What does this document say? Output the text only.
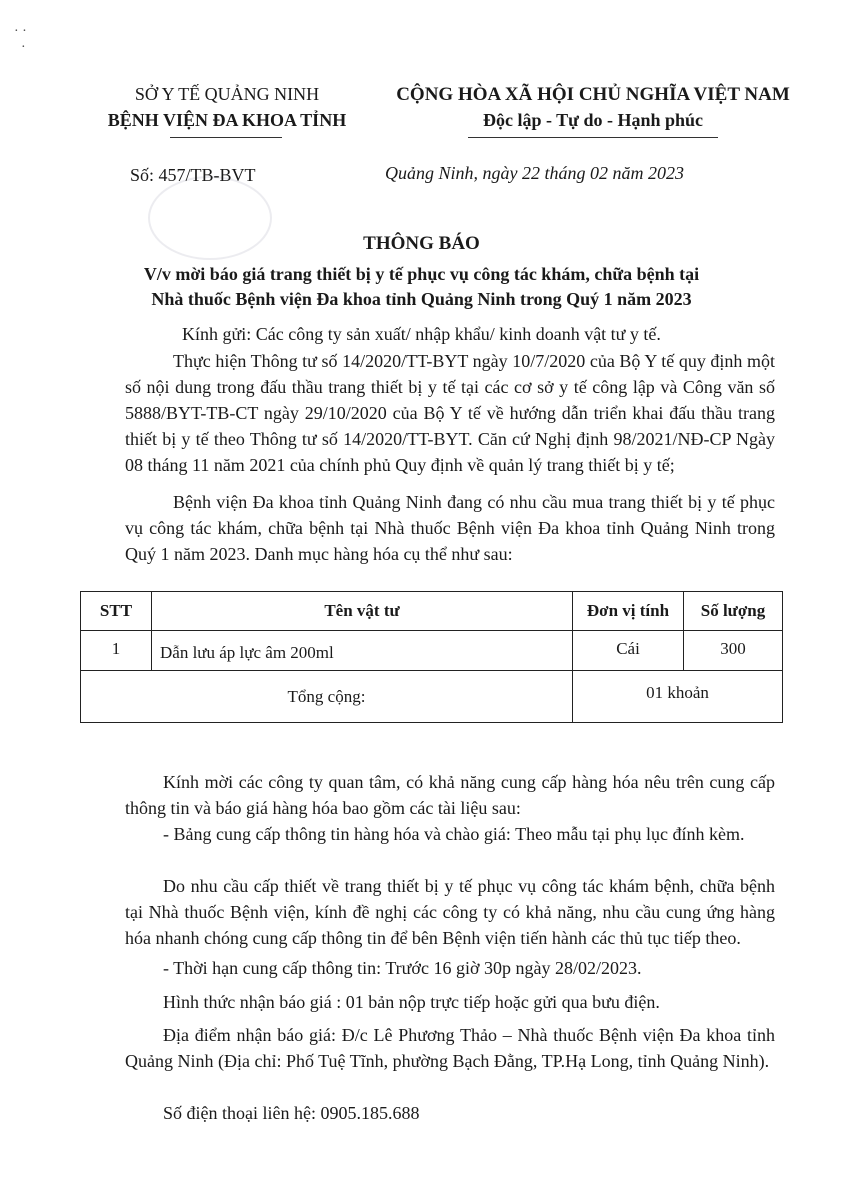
· ·
·
SỞ Y TẾ QUẢNG NINH
BỆNH VIỆN ĐA KHOA TỈNH
CỘNG HÒA XÃ HỘI CHỦ NGHĨA VIỆT NAM
Độc lập - Tự do - Hạnh phúc
Số: 457/TB-BVT	Quảng Ninh, ngày 22 tháng 02 năm 2023
THÔNG BÁO
V/v mời báo giá trang thiết bị y tế phục vụ công tác khám, chữa bệnh tại
Nhà thuốc Bệnh viện Đa khoa tỉnh Quảng Ninh trong Quý 1 năm 2023
Kính gửi: Các công ty sản xuất/ nhập khẩu/ kinh doanh vật tư y tế.
Thực hiện Thông tư số 14/2020/TT-BYT ngày 10/7/2020 của Bộ Y tế quy định một số nội dung trong đấu thầu trang thiết bị y tế tại các cơ sở y tế công lập và Công văn số 5888/BYT-TB-CT ngày 29/10/2020 của Bộ Y tế về hướng dẫn triển khai đấu thầu trang thiết bị y tế theo Thông tư số 14/2020/TT-BYT. Căn cứ Nghị định 98/2021/NĐ-CP Ngày 08 tháng 11 năm 2021 của chính phủ Quy định về quản lý trang thiết bị y tế;
Bệnh viện Đa khoa tỉnh Quảng Ninh đang có nhu cầu mua trang thiết bị y tế phục vụ công tác khám, chữa bệnh tại Nhà thuốc Bệnh viện Đa khoa tỉnh Quảng Ninh trong Quý 1 năm 2023. Danh mục hàng hóa cụ thể như sau:
STT	Tên vật tư	Đơn vị tính	Số lượng
1	Dẫn lưu áp lực âm 200ml	Cái	300
Tổng cộng:		01 khoản	
Kính mời các công ty quan tâm, có khả năng cung cấp hàng hóa nêu trên cung cấp thông tin và báo giá hàng hóa bao gồm các tài liệu sau:
- Bảng cung cấp thông tin hàng hóa và chào giá: Theo mẫu tại phụ lục đính kèm.
Do nhu cầu cấp thiết về trang thiết bị y tế phục vụ công tác khám bệnh, chữa bệnh tại Nhà thuốc Bệnh viện, kính đề nghị các công ty có khả năng, nhu cầu cung ứng hàng hóa nhanh chóng cung cấp thông tin để bên Bệnh viện tiến hành các thủ tục tiếp theo.
- Thời hạn cung cấp thông tin: Trước 16 giờ 30p ngày 28/02/2023.
Hình thức nhận báo giá : 01 bản nộp trực tiếp hoặc gửi qua bưu điện.
Địa điểm nhận báo giá: Đ/c Lê Phương Thảo – Nhà thuốc Bệnh viện Đa khoa tỉnh Quảng Ninh (Địa chỉ: Phố Tuệ Tĩnh, phường Bạch Đằng, TP.Hạ Long, tỉnh Quảng Ninh).
Số điện thoại liên hệ: 0905.185.688
